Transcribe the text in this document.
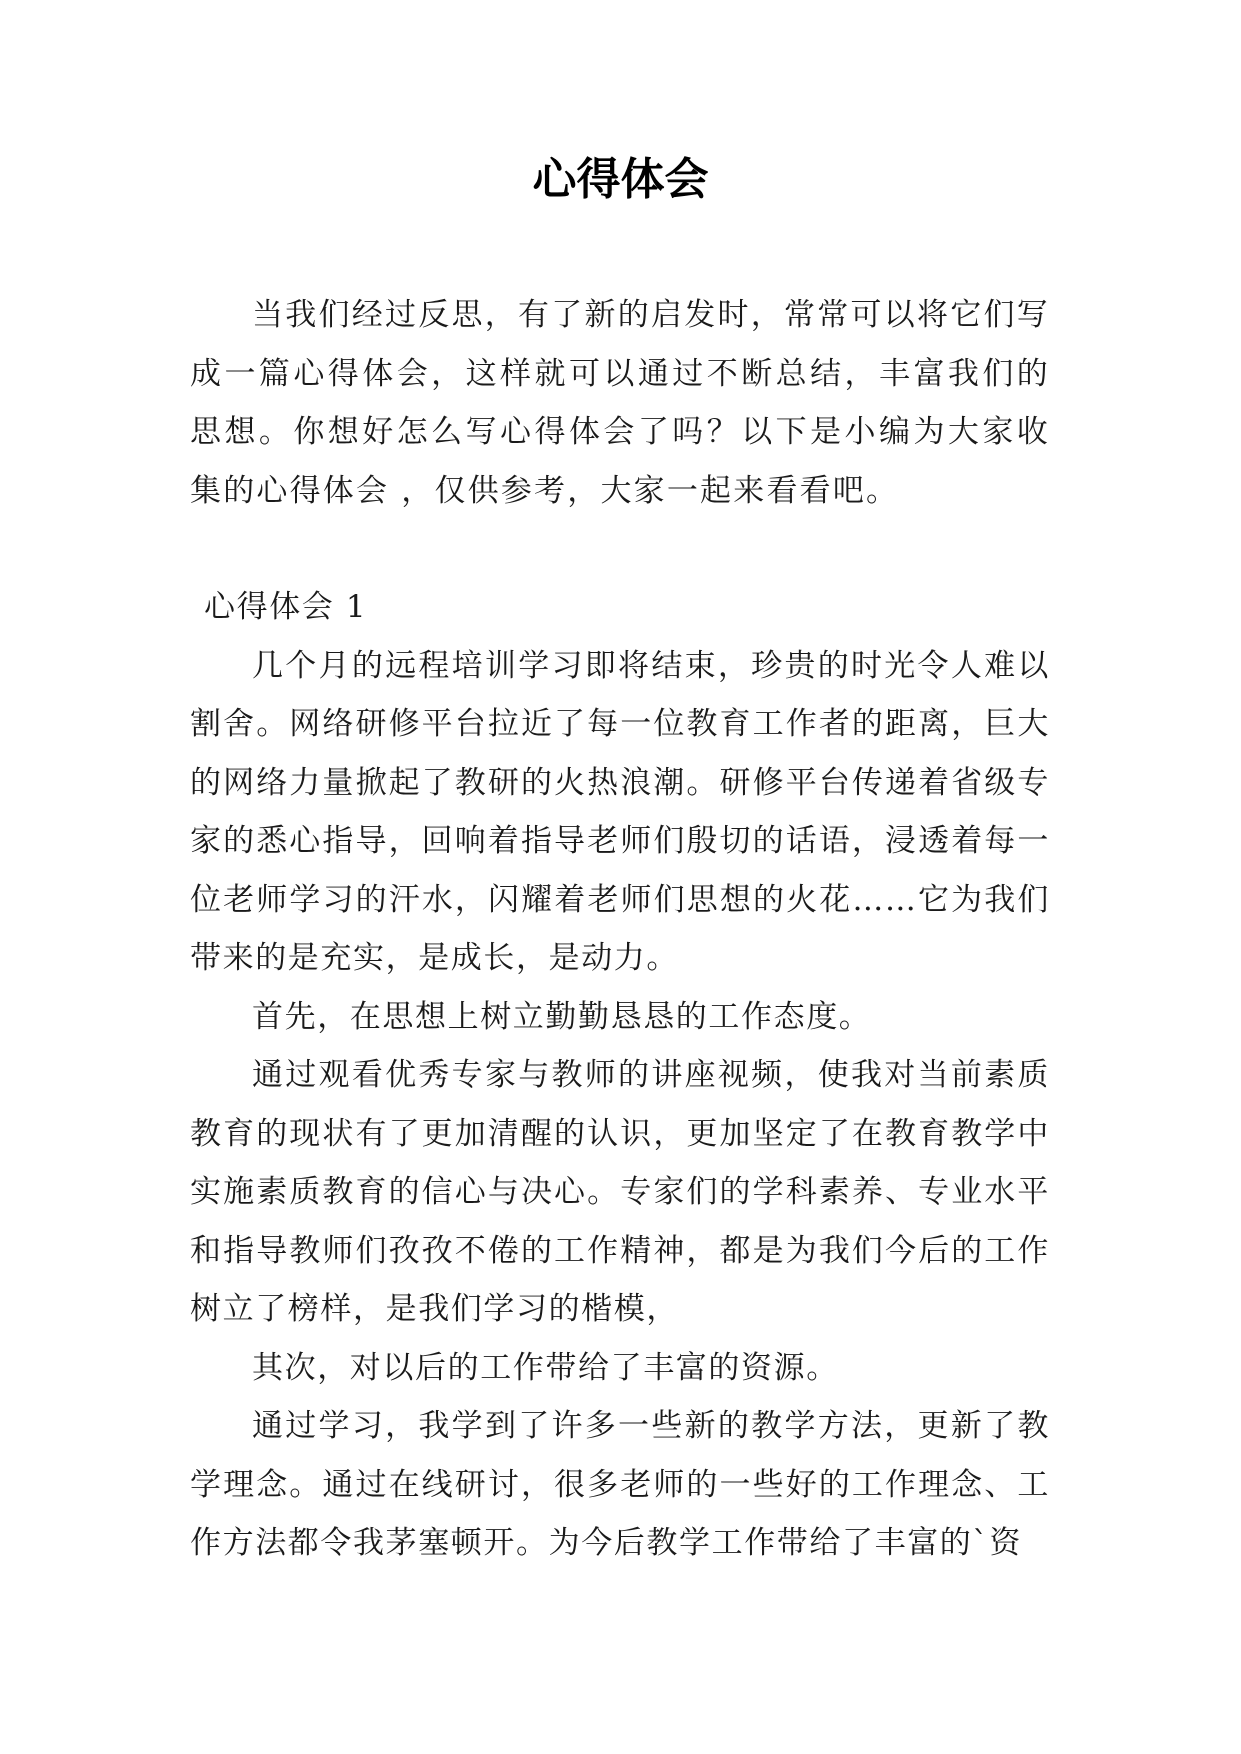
心得体会

当我们经过反思，有了新的启发时，常常可以将它们写成一篇心得体会，这样就可以通过不断总结，丰富我们的思想。你想好怎么写心得体会了吗？以下是小编为大家收集的心得体会 ，仅供参考，大家一起来看看吧。

心得体会 1

几个月的远程培训学习即将结束，珍贵的时光令人难以割舍。网络研修平台拉近了每一位教育工作者的距离，巨大的网络力量掀起了教研的火热浪潮。研修平台传递着省级专家的悉心指导，回响着指导老师们殷切的话语，浸透着每一位老师学习的汗水，闪耀着老师们思想的火花……它为我们带来的是充实，是成长，是动力。

首先，在思想上树立勤勤恳恳的工作态度。

通过观看优秀专家与教师的讲座视频，使我对当前素质教育的现状有了更加清醒的认识，更加坚定了在教育教学中实施素质教育的信心与决心。专家们的学科素养、专业水平和指导教师们孜孜不倦的工作精神，都是为我们今后的工作树立了榜样，是我们学习的楷模，

其次，对以后的工作带给了丰富的资源。

通过学习，我学到了许多一些新的教学方法，更新了教学理念。通过在线研讨，很多老师的一些好的工作理念、工作方法都令我茅塞顿开。为今后教学工作带给了丰富的`资
